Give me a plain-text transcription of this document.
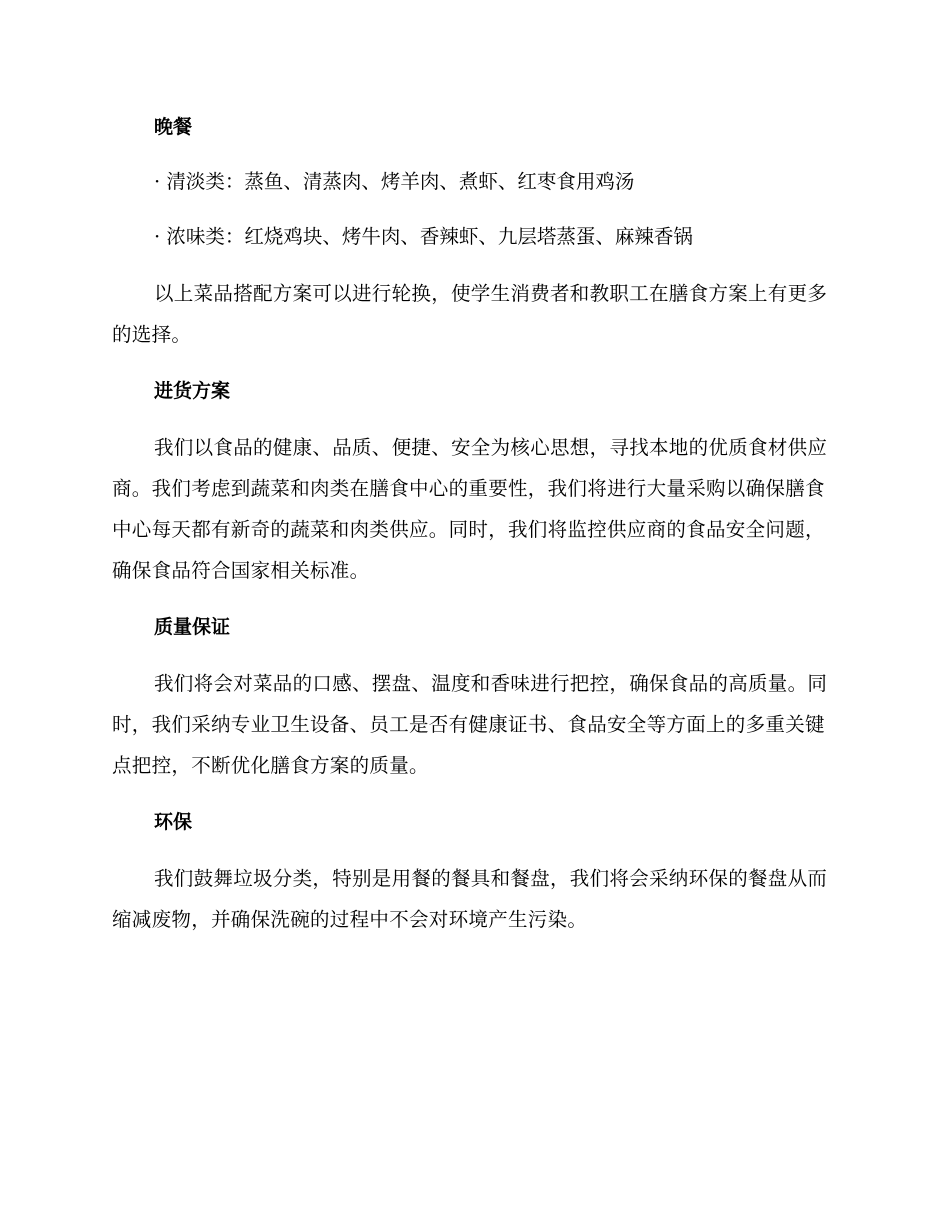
晚餐
· 清淡类：蒸鱼、清蒸肉、烤羊肉、煮虾、红枣食用鸡汤
· 浓味类：红烧鸡块、烤牛肉、香辣虾、九层塔蒸蛋、麻辣香锅
以上菜品搭配方案可以进行轮换，使学生消费者和教职工在膳食方案上有更多的选择。
进货方案
我们以食品的健康、品质、便捷、安全为核心思想，寻找本地的优质食材供应商。我们考虑到蔬菜和肉类在膳食中心的重要性，我们将进行大量采购以确保膳食中心每天都有新奇的蔬菜和肉类供应。同时，我们将监控供应商的食品安全问题，确保食品符合国家相关标准。
质量保证
我们将会对菜品的口感、摆盘、温度和香味进行把控，确保食品的高质量。同时，我们采纳专业卫生设备、员工是否有健康证书、食品安全等方面上的多重关键点把控，不断优化膳食方案的质量。
环保
我们鼓舞垃圾分类，特别是用餐的餐具和餐盘，我们将会采纳环保的餐盘从而缩减废物，并确保洗碗的过程中不会对环境产生污染。
